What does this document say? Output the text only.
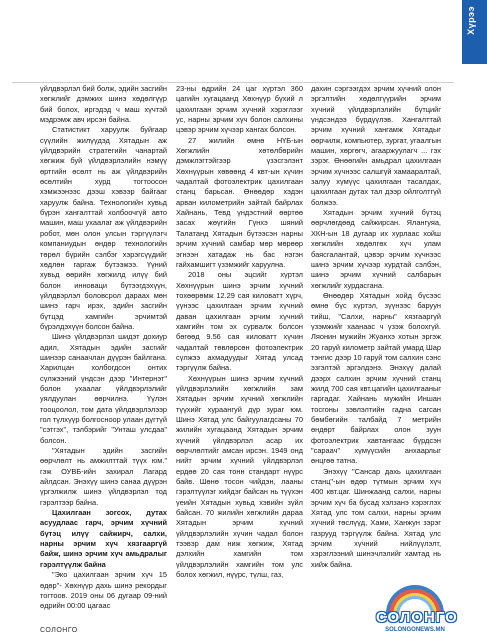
Хүрээ

үйлдвэрлэл бий болж, эдийн засгийн хөгжлийг дэмжих шинэ хөдөлгүүр бий болох, иргэдэд ч маш хүчтэй мэдрэмж авч ирсэн байна.

Статистикт харуулж буйгаар сүүлийн жилүүдэд Хятадын аж үйлдвэрийн стратегийн чанартай хөгжиж буй үйлдвэрлэлийн нэмүү өртгийн өсөлт нь аж үйлдвэрийн өсөлтийн хурд тогтоосон хэмжээнээс дээш хэвээр байгааг харуулж байна. Технологийн хувьд бүрэн хангалттай холбоочгүй авто машин, маш ухаалаг аж үйлдвэрийн робот, мөн олон улсын тэргүүлэгч компаниудын өндөр технологийн төрөл бүрийн сэлбэг хэрэгсүүдийг хөдлөн гаргаж бүтээжээ. Үүний хувьд өөрийн хөгжилд илүү бий болон инноваци бүтээгдэхүүн, үйлдвэрлэл боловсрол дараах мөн шинэ гарч ирэх, эдийн засгийн бүтцэд хамгийн эрчимтэй бүрэлдэхүүн болсон байна.

Шинэ үйлдвэрлэл шидэт дохиур адил, Хятадын эдийн засгийг шинээр санаачлан дүүрэн байлгана. Харилцан холбогдсон онтих сүлжээний үндсэн дээр "Интернэт" болон ухаалаг үйлдвэрлэлийг уялдуулан өөрчилнэ. Үүлэн тооцоолол, том дата үйлдвэрлэлээр гол түлхүүр болгосноор улаан дүгтүй "сэтгэх", тэлбэрийг "Унташ улсдаа" болсон.

"Хятадын эдийн засгийн өөрчлөлт нь амжилттай түүх юм." гэж ОУВБ-ийн захирал Лагард айлдсан. Энэхүү шинэ санаа дүүрэн үргэлжилж шинэ үйлдвэрлэл тод гэрэлтээр байна.

Цахилгаан зогсох, дутах асуудлаас гарч, эрчим хүчний бүтэц илүү сайжирч, салхи, нарны эрчим хүч хязгааргүй байж, шинэ эрчим хүч амьдралыг гэрэлтүүлж байна

"Эко цахилгаан эрчим хүч 15 өдөр"- Хөхнүүр дахь шинэ рекордыг тогтоов. 2019 оны 06 дугаар 09-ний өдрийн 00:00 цагаас

23-ны өдрийн 24 цаг хүртэл 360 цагийн хугацаанд Хөхнүүр бүхий л цахилгаан эрчим хүчний хэрэглээг ус, нарны эрчим хүч болон салхины цэвэр эрчим хүчээр хангах болсон.

27 жилийн өмнө НҮБ-ын Хөгжлийн хөтөлбөрийн дэмжлэгтэйгээр үзэсгэлэнт Хөхнүүрын хөвөөнд 4 квт-ын хүчин чадалтай фотоэлектрик цахилгаан станц барьсан. Өнөөдөр хэдэн арван километрийн зайтай байрлах Хайнань, Тевд үндэстний өөртөө засах жөүгийн Гүнхэ шяний Талатанд Хятадын бүтээсэн нарны эрчим хүчний самбар мөр мөрөөр эгнээн хатадаж нь бас нэгэн гайхамшигт үзэмжийг харуулна.

2018 оны эцсийг хүртэл Хөхнүүрын шинэ эрчим хүчний тохөөрөмж 12.29 сая киловатт хүрч, үүнээс цахилгаан эрчим хүчний даван цахилгаан эрчим хүчний хамгийн том эх сурвалж болсон бөгөөд 9.56 сая киловатт хүчин чадалтай төвлөрсөн фотоэлектрик сүлжээ ахмадуудыг Хятад улсад тэргүүлж байна.

Хөхнүүрын шинэ эрчим хүчний үйлдвэрлэлийн хөгжлийн зам Хятадын эрчим хүчний хөгжлийн түүхийг хураангуй дүр зураг юм. Шинэ Хятад улс байгуулагдсаны 70 жилийн хугацаанд Хятадын эрчим хүчний үйлдвэрлэл асар их өөрчлөлтийг амсан ирсэн. 1949 онд нийт эрчим хүчний үйлдвэрлэл ердөө 20 сая тонн стандарт нүүрс байв. Шөнө тосон чийдэн, лааны гэрэлтүүлэг хийдэг байсан нь түүхэн үеийн Хятадын хувьд хэвийн зүйл байсан. 70 жилийн хөгжлийн дараа Хятадын эрчим хүчний үйлдвэрлэлийн хүчин чадал болон тээвэр дам ниж хөгжиж, Хятад дэлхийн хамгийн том үйлдвэрлэлийн хамгийн том улс болох хөгжил, нүүрс, түлш, газ,

дахин сэргээгдэх эрчим хүчний олон эргэлтийн хөдөлгүүрийн эрчим хүчний үйлдвэрлэлийн бүтцийг үндсэндээ бүрдүүлэв. Хангалттай эрчим хүчний хангамж Хятадыг өөрчилж, компьютер, зургат, угаалгын машин, хөргөгч, агааржуулагч ... гэх зэрэг. Өнөөгийн амьдрал цахилгаан эрчим хүчнээс салшгүй хамааралтай, залуу хүмүүс цахилгаан тасалдах, цахилгаан дутах тал дээр ойлголтгүй болжээ.

Хятадын эрчим хүчний бүтэц өөрчлөгдөөд сайжирсан. Ялангуяа, ХКН-ын 18 дугаар их хурлаас хойш хөгжлийн хөдөлгөх хүч улам баясгалантай, цэвэр эрчим хүчнээс шинэ эрчим хүчээр хурдтай сэлбэн, шинэ эрчим хүчний салбарын хөгжлийг хурдасгана.

Өнөөдөр Хятадын хойд бүсээс өмнө бүс хүртэл, зүүнээс баруун тийш, "Салхи, нарны" хязгааргүй үзэмжийг хаанаас ч үзэж болохгүй. Ляонин мужийн Жуанхэ хотын эргэж 20 гаруй километр зайтай умард Шар тэнгис дээр 10 гаруй том салхин сэнс эзгэлтэй эргэлдэнэ. Энэхүү далай дээрх салхин эрчим хүчний станц жилд 700 сая квт.цагийн цахилгааныг гаргадаг. Хайнань мужийн Иншан тосгоны зэвлэлтийн гадна сагсан бөмбөгийн талбайд 7 метрийн өндөрт байрлах олон зуун фотоэлектрик хавтангаас бүрдсэн "сараач" хүмүүсийн анхаарлыг өнцгөө татна.

Энэхүү "Сансар дахь цахилгаан станц"-ын өдөр түтмын эрчим хүч 400 квт.цаг. Шинжаанд салхи, нарны эрчим хүч ба бусад хэлзанэ хэрэглэх Хятад улс том салхи, нарны эрчим хүчний төслүүд, Хами, Ханжун зэрэг газрууд тэргүүлж байна. Хятад улс эрчим хүчний нийлүүлэлт, хэрэглээний шинэчлэлийг хамтад нь хийж байна.

СОЛОНГО
СОЛОНГО
SOLONGONEWS.MN
